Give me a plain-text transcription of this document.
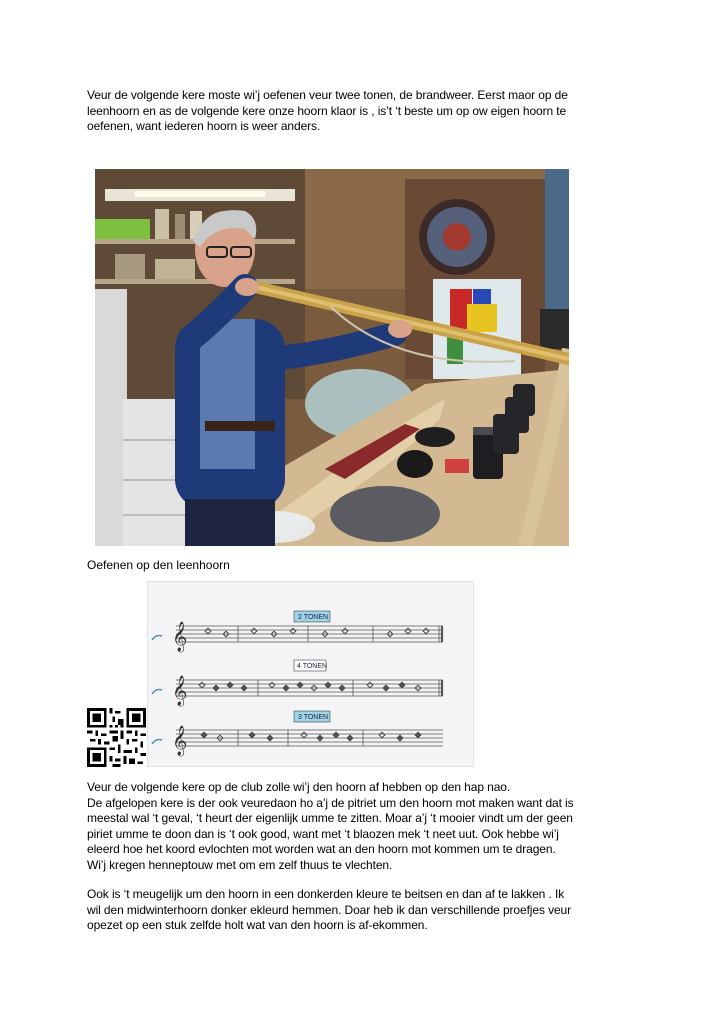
Veur de volgende kere moste wi’j oefenen veur twee tonen, de brandweer. Eerst maor op de
leenhoorn en as de volgende kere onze hoorn klaor is , is’t ‘t beste um op ow eigen hoorn te
oefenen, want iederen hoorn is weer anders.

Oefenen op den leenhoorn

𝄞
2 TONEN
𝄞
4 TONEN
𝄞
3 TONEN

Veur de volgende kere op de club zolle wi’j den hoorn af hebben op den hap nao.
De afgelopen kere is der ook veuredaon ho a’j de pitriet um den hoorn mot maken want dat is
meestal wal ‘t geval, ‘t heurt der eigenlijk umme te zitten. Moar a’j ‘t mooier vindt um der geen
piriet umme te doon dan is ‘t ook good, want met ‘t blaozen mek ‘t neet uut. Ook hebbe wi’j
eleerd hoe het koord evlochten mot worden wat an den hoorn mot kommen um te dragen.
Wi’j kregen henneptouw met om em zelf thuus te vlechten.

Ook is ‘t meugelijk um den hoorn in een donkerden kleure te beitsen en dan af te lakken . Ik
wil den midwinterhoorn donker ekleurd hemmen. Doar heb ik dan verschillende proefjes veur
opezet op een stuk zelfde holt wat van den hoorn is af-ekommen.
